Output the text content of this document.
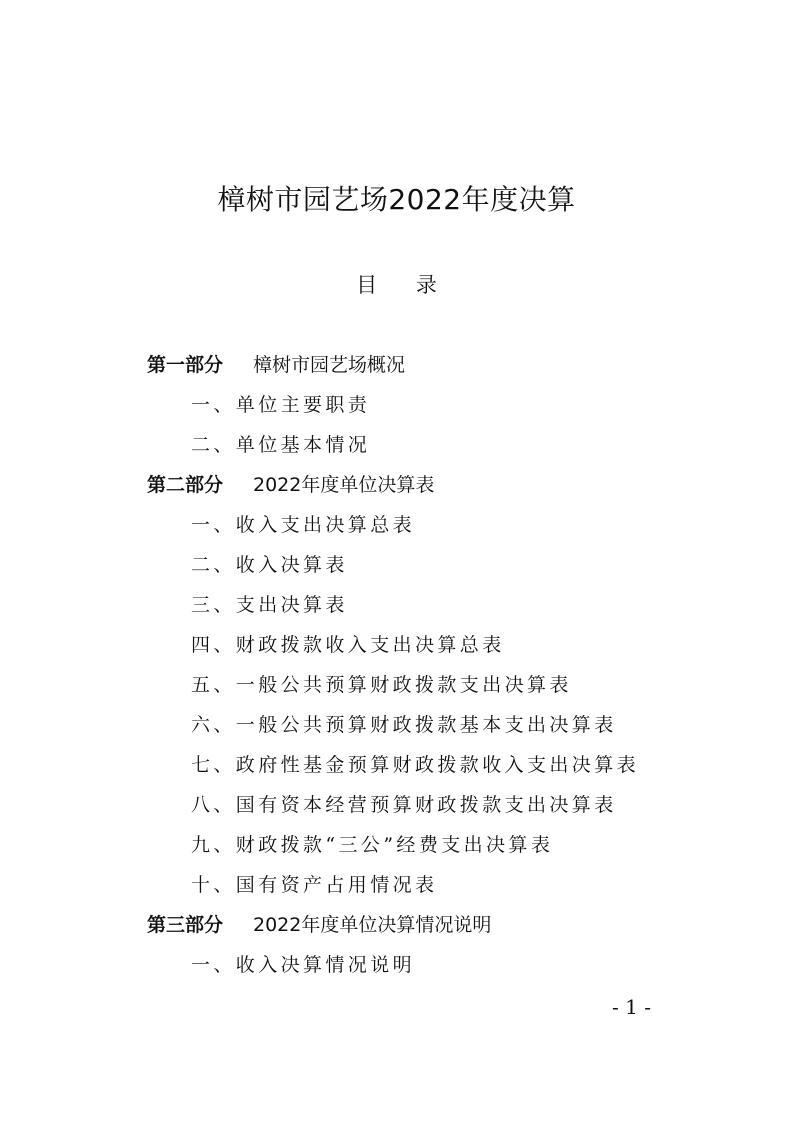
樟树市园艺场2022年度决算
目 录
第一部分 樟树市园艺场概况
一、单位主要职责
二、单位基本情况
第二部分 2022年度单位决算表
一、收入支出决算总表
二、收入决算表
三、支出决算表
四、财政拨款收入支出决算总表
五、一般公共预算财政拨款支出决算表
六、一般公共预算财政拨款基本支出决算表
七、政府性基金预算财政拨款收入支出决算表
八、国有资本经营预算财政拨款支出决算表
九、财政拨款“三公”经费支出决算表
十、国有资产占用情况表
第三部分 2022年度单位决算情况说明
一、收入决算情况说明
- 1 -
